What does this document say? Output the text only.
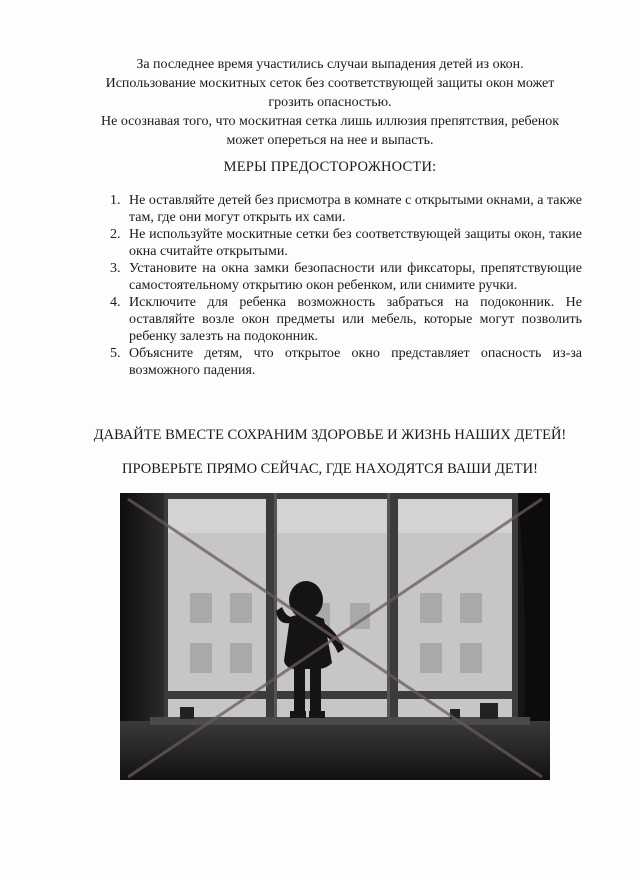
За последнее время участились случаи выпадения детей из окон.

Использование москитных сеток без соответствующей защиты окон может

грозить опасностью.

Не осознавая того, что москитная сетка лишь иллюзия препятствия, ребенок

может опереться на нее и выпасть.

МЕРЫ ПРЕДОСТОРОЖНОСТИ:
1. Не оставляйте детей без присмотра в комнате с открытыми окнами, а также там, где они могут открыть их сами.
2. Не используйте москитные сетки без соответствующей защиты окон, такие окна считайте открытыми.
3. Установите на окна замки безопасности или фиксаторы, препятствующие самостоятельному открытию окон ребенком, или снимите ручки.
4. Исключите для ребенка возможность забраться на подоконник. Не оставляйте возле окон предметы или мебель, которые могут позволить ребенку залезть на подоконник.
5. Объясните детям, что открытое окно представляет опасность из-за возможного падения.
ДАВАЙТЕ ВМЕСТЕ СОХРАНИМ ЗДОРОВЬЕ И ЖИЗНЬ НАШИХ ДЕТЕЙ!
ПРОВЕРЬТЕ ПРЯМО СЕЙЧАС, ГДЕ НАХОДЯТСЯ ВАШИ ДЕТИ!
